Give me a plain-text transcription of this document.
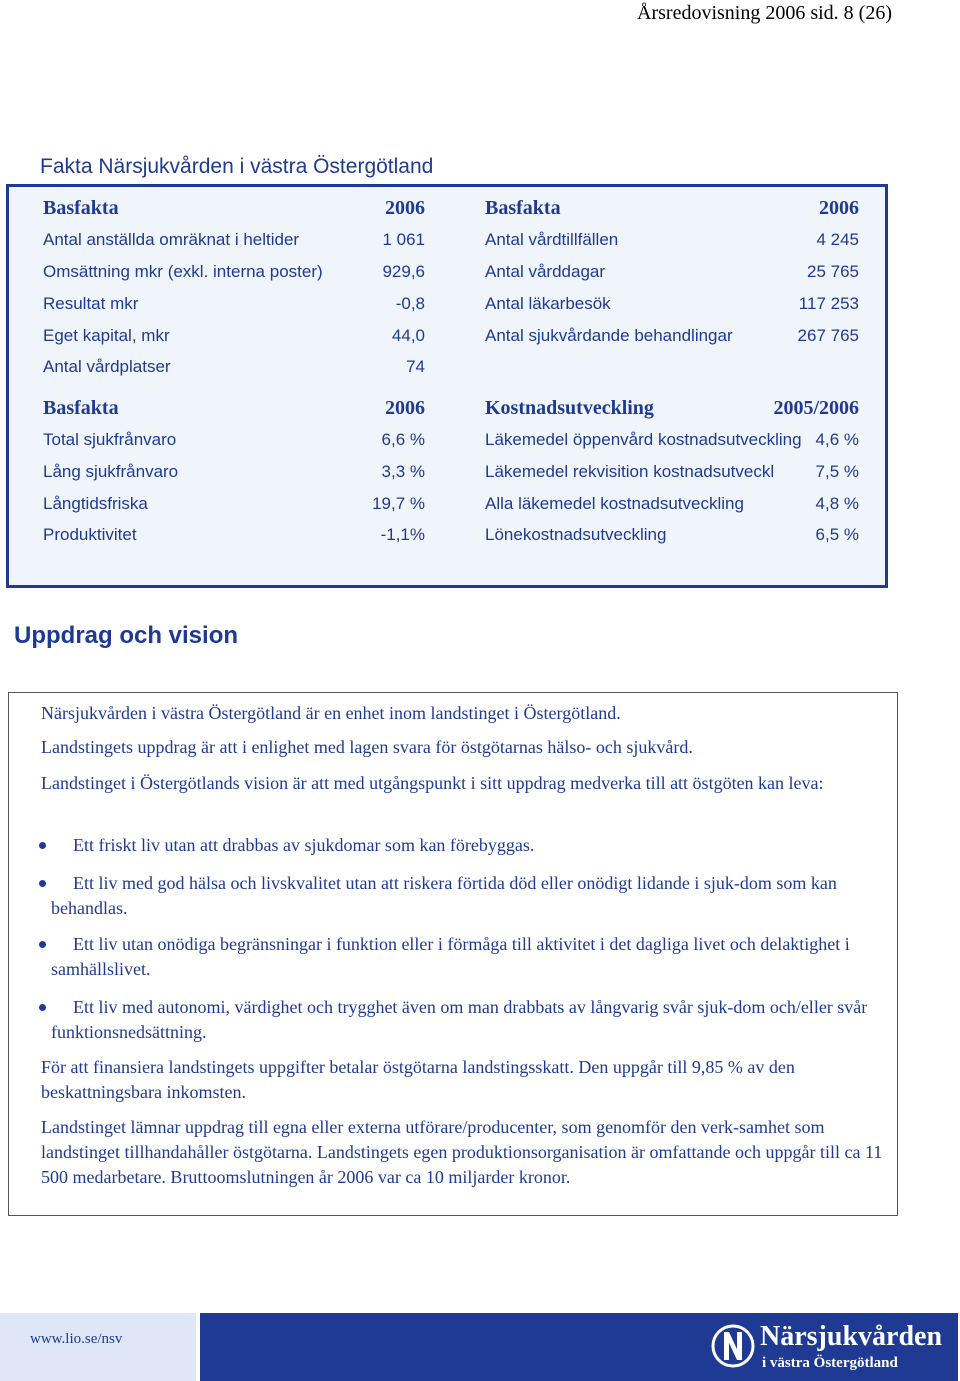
Årsredovisning 2006 sid. 8 (26)
Fakta Närsjukvården i västra Östergötland
Basfakta	2006
Antal anställda omräknat i heltider	1 061
Omsättning mkr (exkl. interna poster)	929,6
Resultat mkr	-0,8
Eget kapital, mkr	44,0
Antal vårdplatser	74
Basfakta	2006
Antal vårdtillfällen	4 245
Antal vårddagar	25 765
Antal läkarbesök	117 253
Antal sjukvårdande behandlingar	267 765
Basfakta	2006
Total sjukfrånvaro	6,6 %
Lång sjukfrånvaro	3,3 %
Långtidsfriska	19,7 %
Produktivitet	-1,1%
Kostnadsutveckling	2005/2006
Läkemedel öppenvård kostnadsutveckling 4,6 %
Läkemedel rekvisition kostnadsutveckl 7,5 %
Alla läkemedel kostnadsutveckling	4,8 %
Lönekostnadsutveckling	6,5 %
Uppdrag och vision

Närsjukvården i västra Östergötland är en enhet inom landstinget i Östergötland.

Landstingets uppdrag är att i enlighet med lagen svara för östgötarnas hälso- och sjukvård.

Landstinget i Östergötlands vision är att med utgångspunkt i sitt uppdrag medverka till att östgöten kan leva:

Ett friskt liv utan att drabbas av sjukdomar som kan förebyggas.

Ett liv med god hälsa och livskvalitet utan att riskera förtida död eller onödigt lidande i sjuk-dom som kan behandlas.

Ett liv utan onödiga begränsningar i funktion eller i förmåga till aktivitet i det dagliga livet och delaktighet i samhällslivet.

Ett liv med autonomi, värdighet och trygghet även om man drabbats av långvarig svår sjuk-dom och/eller svår funktionsnedsättning.

För att finansiera landstingets uppgifter betalar östgötarna landstingsskatt. Den uppgår till 9,85 % av den beskattningsbara inkomsten.

Landstinget lämnar uppdrag till egna eller externa utförare/producenter, som genomför den verk-samhet som landstinget tillhandahåller östgötarna. Landstingets egen produktionsorganisation är omfattande och uppgår till ca 11 500 medarbetare. Bruttoomslutningen år 2006 var ca 10 miljarder kronor.

www.lio.se/nsv	Närsjukvården
i västra Östergötland
